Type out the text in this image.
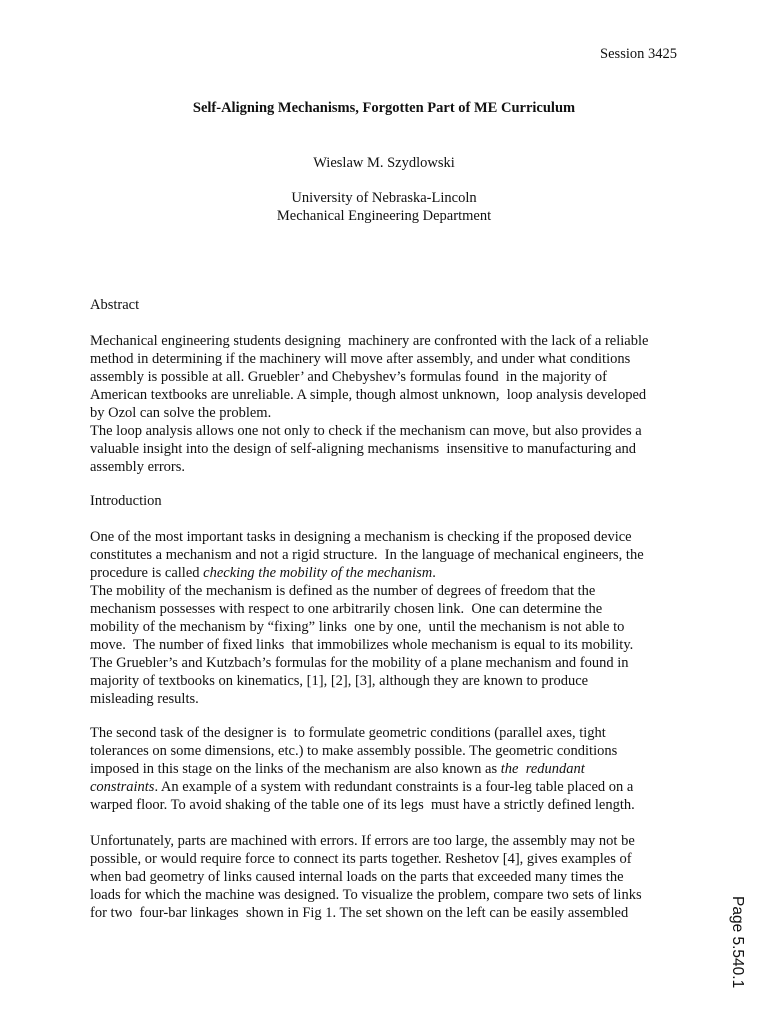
Session 3425
Self-Aligning Mechanisms, Forgotten Part of ME Curriculum
Wieslaw M. Szydlowski
University of Nebraska-Lincoln
Mechanical Engineering Department
Abstract
Mechanical engineering students designing  machinery are confronted with the lack of a reliable
method in determining if the machinery will move after assembly, and under what conditions
assembly is possible at all. Gruebler’ and Chebyshev’s formulas found  in the majority of
American textbooks are unreliable. A simple, though almost unknown,  loop analysis developed
by Ozol can solve the problem.
The loop analysis allows one not only to check if the mechanism can move, but also provides a
valuable insight into the design of self-aligning mechanisms  insensitive to manufacturing and
assembly errors.
Introduction
One of the most important tasks in designing a mechanism is checking if the proposed device
constitutes a mechanism and not a rigid structure.  In the language of mechanical engineers, the
procedure is called checking the mobility of the mechanism.
The mobility of the mechanism is defined as the number of degrees of freedom that the
mechanism possesses with respect to one arbitrarily chosen link.  One can determine the
mobility of the mechanism by “fixing” links  one by one,  until the mechanism is not able to
move.  The number of fixed links  that immobilizes whole mechanism is equal to its mobility.
The Gruebler’s and Kutzbach’s formulas for the mobility of a plane mechanism and found in
majority of textbooks on kinematics, [1], [2], [3], although they are known to produce
misleading results.
The second task of the designer is  to formulate geometric conditions (parallel axes, tight
tolerances on some dimensions, etc.) to make assembly possible. The geometric conditions
imposed in this stage on the links of the mechanism are also known as the  redundant
constraints. An example of a system with redundant constraints is a four-leg table placed on a
warped floor. To avoid shaking of the table one of its legs  must have a strictly defined length.
Unfortunately, parts are machined with errors. If errors are too large, the assembly may not be
possible, or would require force to connect its parts together. Reshetov [4], gives examples of
when bad geometry of links caused internal loads on the parts that exceeded many times the
loads for which the machine was designed. To visualize the problem, compare two sets of links
for two  four-bar linkages  shown in Fig 1. The set shown on the left can be easily assembled	Page 5.540.1
